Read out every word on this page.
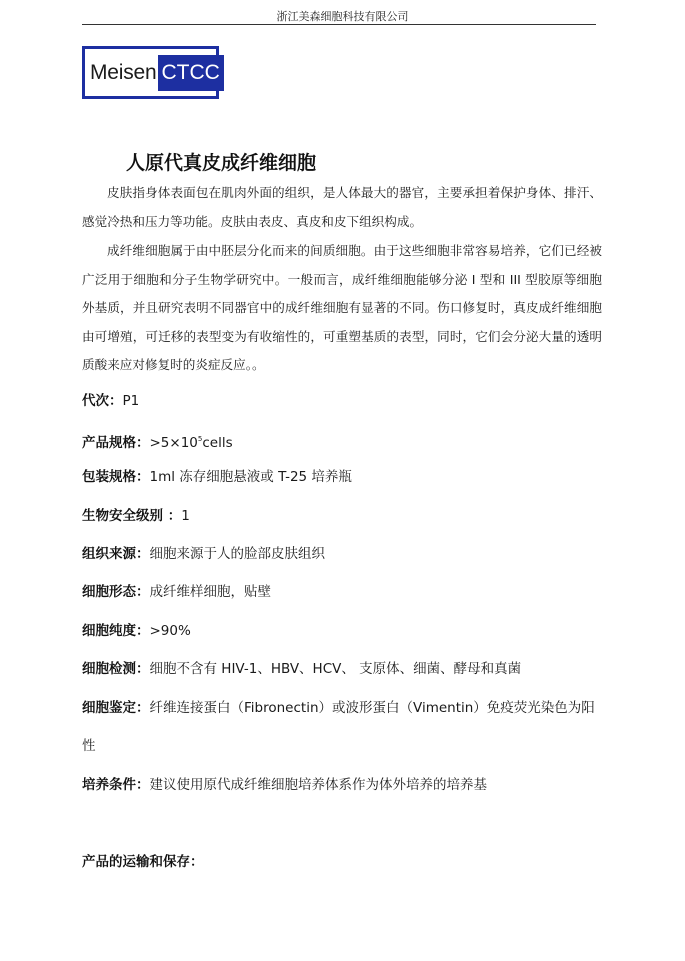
浙江美森细胞科技有限公司
Meisen CTCC
人原代真皮成纤维细胞

皮肤指身体表面包在肌肉外面的组织，是人体最大的器官，主要承担着保护身体、排汗、感觉冷热和压力等功能。皮肤由表皮、真皮和皮下组织构成。

成纤维细胞属于由中胚层分化而来的间质细胞。由于这些细胞非常容易培养，它们已经被广泛用于细胞和分子生物学研究中。一般而言，成纤维细胞能够分泌 I 型和 III 型胶原等细胞外基质，并且研究表明不同器官中的成纤维细胞有显著的不同。伤口修复时，真皮成纤维细胞由可增殖，可迁移的表型变为有收缩性的，可重塑基质的表型，同时，它们会分泌大量的透明质酸来应对修复时的炎症反应。。

代次：P1
产品规格：$>5\times 10^5cells$
包装规格：1ml 冻存细胞悬液或 T-25 培养瓶
生物安全级别 ：1
组织来源：细胞来源于人的脸部皮肤组织
细胞形态：成纤维样细胞，贴壁
细胞纯度：>90%
细胞检测：细胞不含有 HIV-1、HBV、HCV、 支原体、细菌、酵母和真菌
细胞鉴定：纤维连接蛋白（Fibronectin）或波形蛋白（Vimentin）免疫荧光染色为阳性
培养条件：建议使用原代成纤维细胞培养体系作为体外培养的培养基
产品的运输和保存：
